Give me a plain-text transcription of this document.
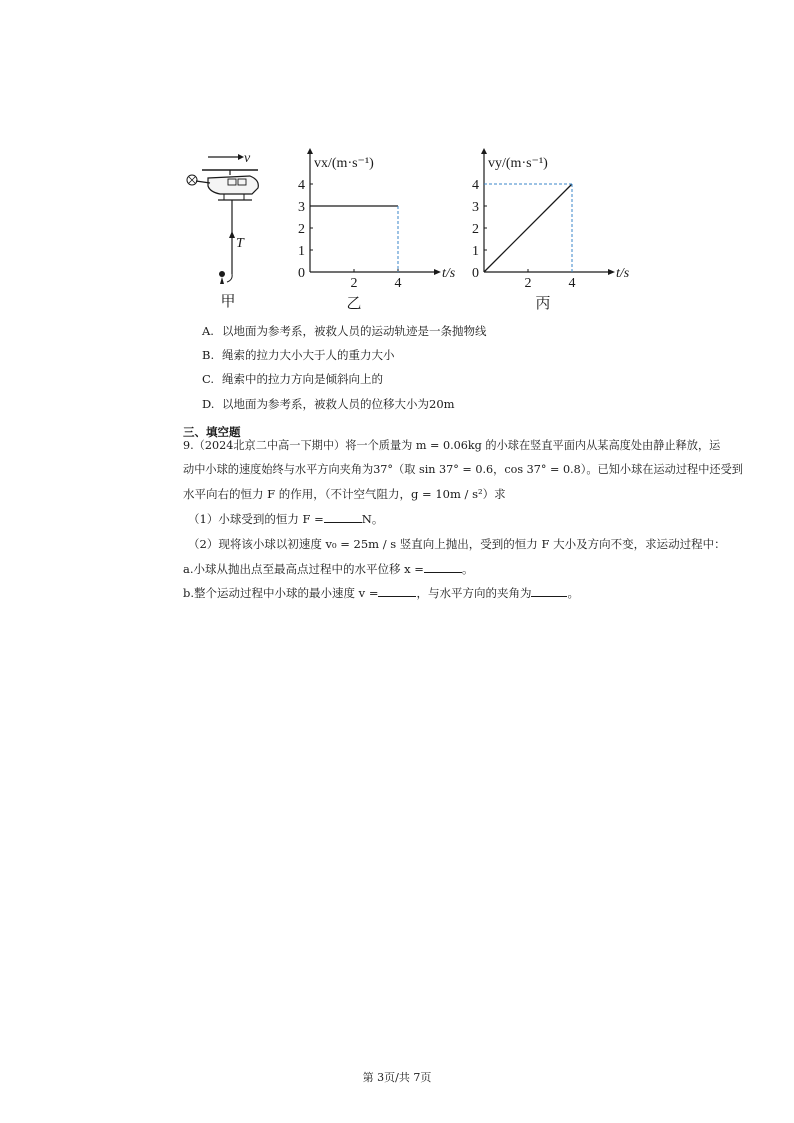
v
T
甲
vx/(m·s⁻¹)
t/s
0
乙
1
2
3
4
2	4
vy/(m·s⁻¹)
t/s
0
丙
1
2
3
4
2	4
A. 以地面为参考系，被救人员的运动轨迹是一条抛物线
B. 绳索的拉力大小大于人的重力大小
C. 绳索中的拉力方向是倾斜向上的
D. 以地面为参考系，被救人员的位移大小为20m
三、填空题
9.（2024北京二中高一下期中）将一个质量为 m = 0.06kg 的小球在竖直平面内从某高度处由静止释放，运
动中小球的速度始终与水平方向夹角为37°（取 sin 37° = 0.6，cos 37° = 0.8）。已知小球在运动过程中还受到
水平向右的恒力 F 的作用，（不计空气阻力，g = 10m / s²）求
（1）小球受到的恒力 F =	N。
（2）现将该小球以初速度 v₀ = 25m / s 竖直向上抛出，受到的恒力 F 大小及方向不变，求运动过程中：
a.小球从抛出点至最高点过程中的水平位移 x =	。
b.整个运动过程中小球的最小速度 v =	，与水平方向的夹角为	。
第 3页/共 7页
